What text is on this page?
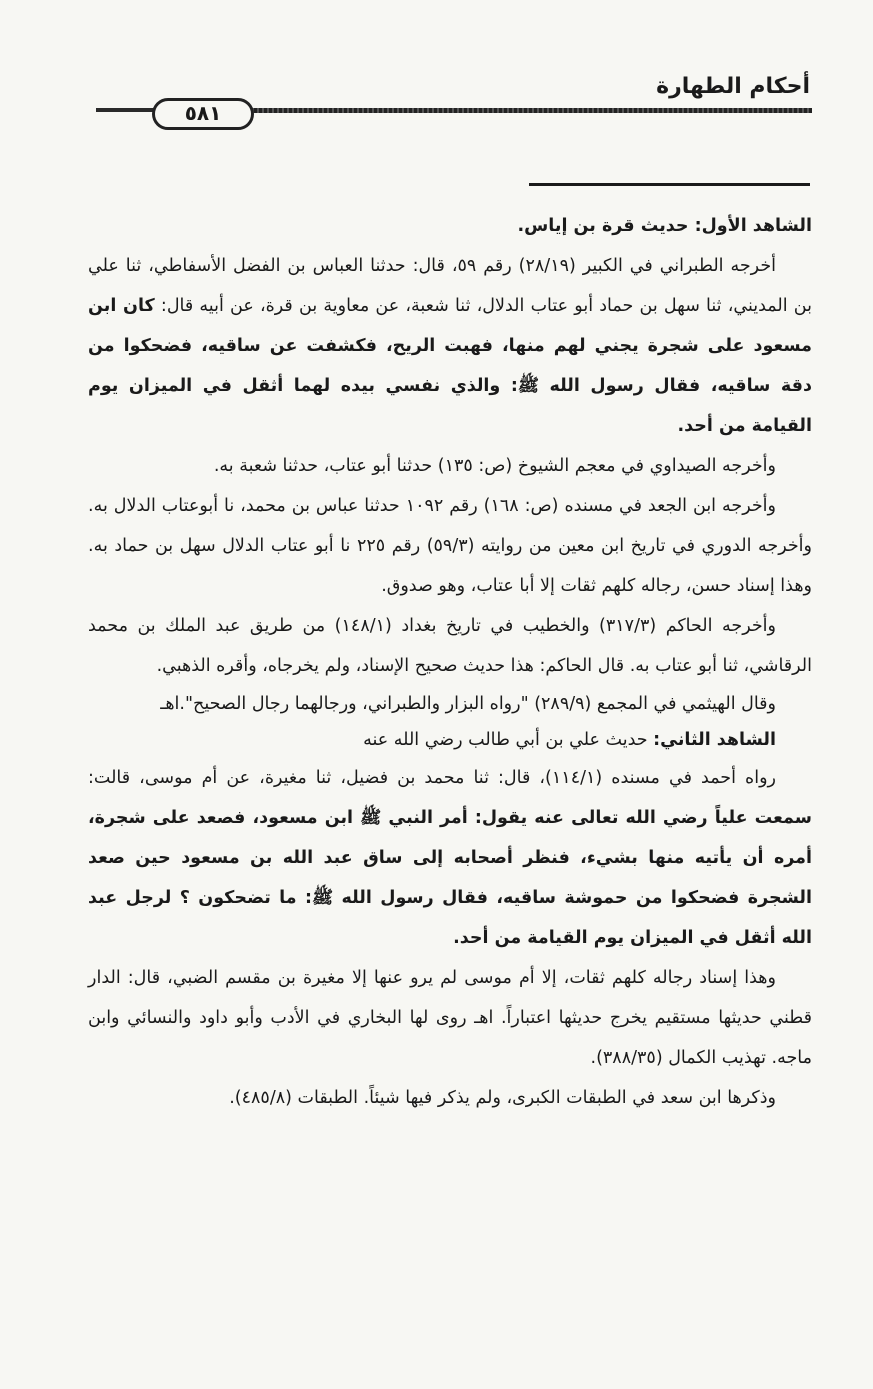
٥٨١
أحكام الطهارة

الشاهد الأول: حديث قرة بن إياس.

أخرجه الطبراني في الكبير (٢٨/١٩) رقم ٥٩، قال: حدثنا العباس بن الفضل الأسفاطي، ثنا علي بن المديني، ثنا سهل بن حماد أبو عتاب الدلال، ثنا شعبة، عن معاوية بن قرة، عن أبيه قال: كان ابن مسعود على شجرة يجني لهم منها، فهبت الريح، فكشفت عن ساقيه، فضحكوا من دقة ساقيه، فقال رسول الله ﷺ: والذي نفسي بيده لهما أثقل في الميزان يوم القيامة من أحد.

وأخرجه الصيداوي في معجم الشيوخ (ص: ١٣٥) حدثنا أبو عتاب، حدثنا شعبة به.

وأخرجه ابن الجعد في مسنده (ص: ١٦٨) رقم ١٠٩٢ حدثنا عباس بن محمد، نا أبوعتاب الدلال به. وأخرجه الدوري في تاريخ ابن معين من روايته (٥٩/٣) رقم ٢٢٥ نا أبو عتاب الدلال سهل بن حماد به. وهذا إسناد حسن، رجاله كلهم ثقات إلا أبا عتاب، وهو صدوق.

وأخرجه الحاكم (٣١٧/٣) والخطيب في تاريخ بغداد (١٤٨/١) من طريق عبد الملك بن محمد الرقاشي، ثنا أبو عتاب به. قال الحاكم: هذا حديث صحيح الإسناد، ولم يخرجاه، وأقره الذهبي.

وقال الهيثمي في المجمع (٢٨٩/٩) "رواه البزار والطبراني، ورجالهما رجال الصحيح".اهـ

الشاهد الثاني: حديث علي بن أبي طالب رضي الله عنه

رواه أحمد في مسنده (١١٤/١)، قال: ثنا محمد بن فضيل، ثنا مغيرة، عن أم موسى، قالت: سمعت علياً رضي الله تعالى عنه يقول: أمر النبي ﷺ ابن مسعود، فصعد على شجرة، أمره أن يأتيه منها بشيء، فنظر أصحابه إلى ساق عبد الله بن مسعود حين صعد الشجرة فضحكوا من حموشة ساقيه، فقال رسول الله ﷺ: ما تضحكون ؟ لرجل عبد الله أثقل في الميزان يوم القيامة من أحد.

وهذا إسناد رجاله كلهم ثقات، إلا أم موسى لم يرو عنها إلا مغيرة بن مقسم الضبي، قال: الدار قطني حديثها مستقيم يخرج حديثها اعتباراً. اهـ روى لها البخاري في الأدب وأبو داود والنسائي وابن ماجه. تهذيب الكمال (٣٨٨/٣٥).

وذكرها ابن سعد في الطبقات الكبرى، ولم يذكر فيها شيئاً. الطبقات (٤٨٥/٨).
